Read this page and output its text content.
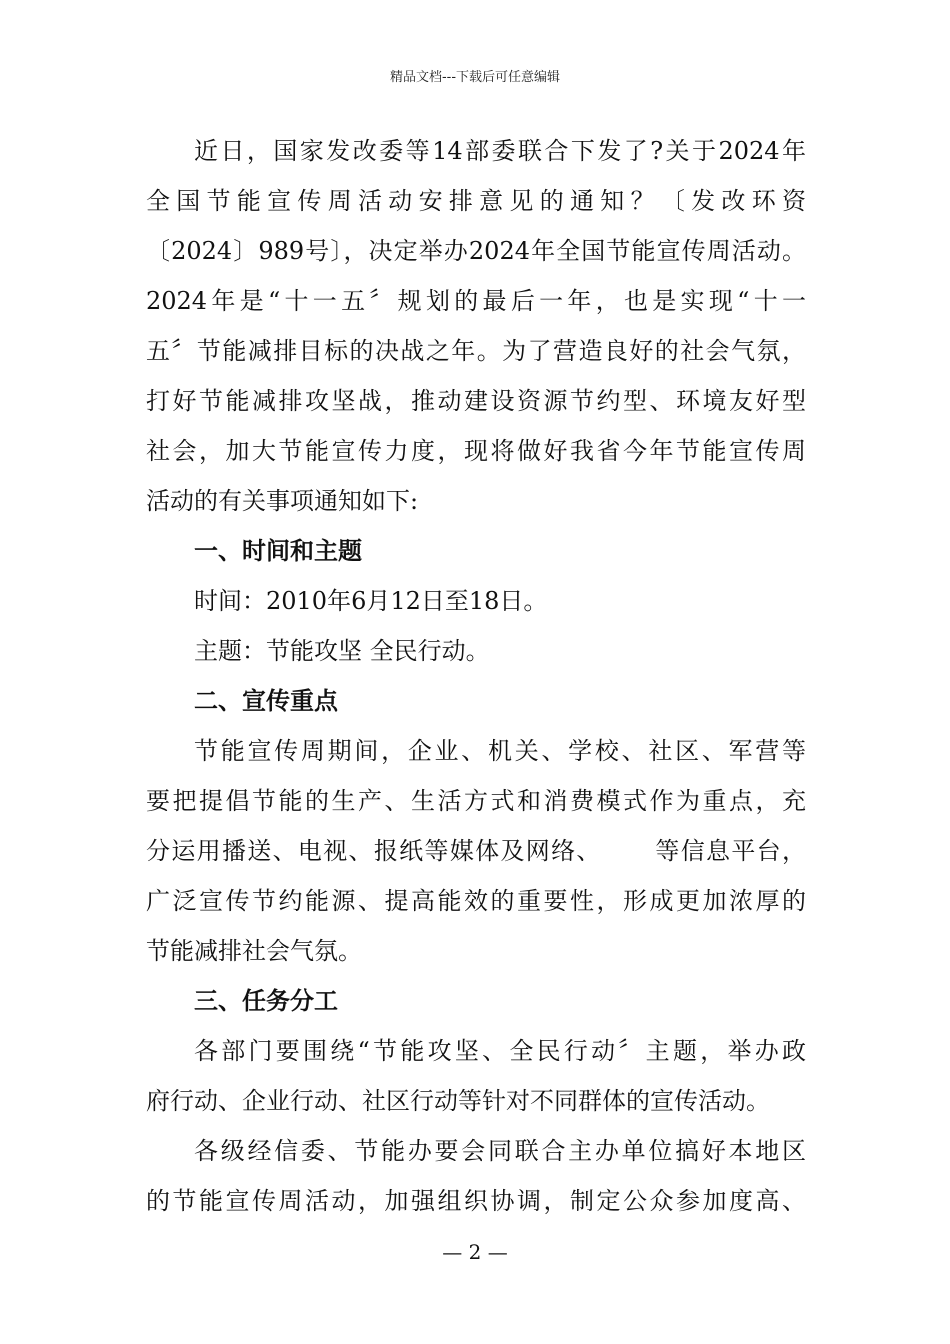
精品文档---下载后可任意编辑
近日，国家发改委等14部委联合下发了?关于2024年
全国节能宣传周活动安排意见的通知？〔发改环资
〔2024〕989号〕，决定举办2024年全国节能宣传周活动。
2024年是“十一五〞规划的最后一年，也是实现“十一
五〞节能减排目标的决战之年。为了营造良好的社会气氛，
打好节能减排攻坚战，推动建设资源节约型、环境友好型
社会，加大节能宣传力度，现将做好我省今年节能宣传周
活动的有关事项通知如下:
一、时间和主题
时间：2010年6月12日至18日。
主题：节能攻坚 全民行动。
二、宣传重点
节能宣传周期间，企业、机关、学校、社区、军营等
要把提倡节能的生产、生活方式和消费模式作为重点，充
分运用播送、电视、报纸等媒体及网络、      等信息平台，
广泛宣传节约能源、提高能效的重要性，形成更加浓厚的
节能减排社会气氛。
三、任务分工
各部门要围绕“节能攻坚、全民行动〞主题，举办政
府行动、企业行动、社区行动等针对不同群体的宣传活动。
各级经信委、节能办要会同联合主办单位搞好本地区
的节能宣传周活动，加强组织协调，制定公众参加度高、
— 2 —
